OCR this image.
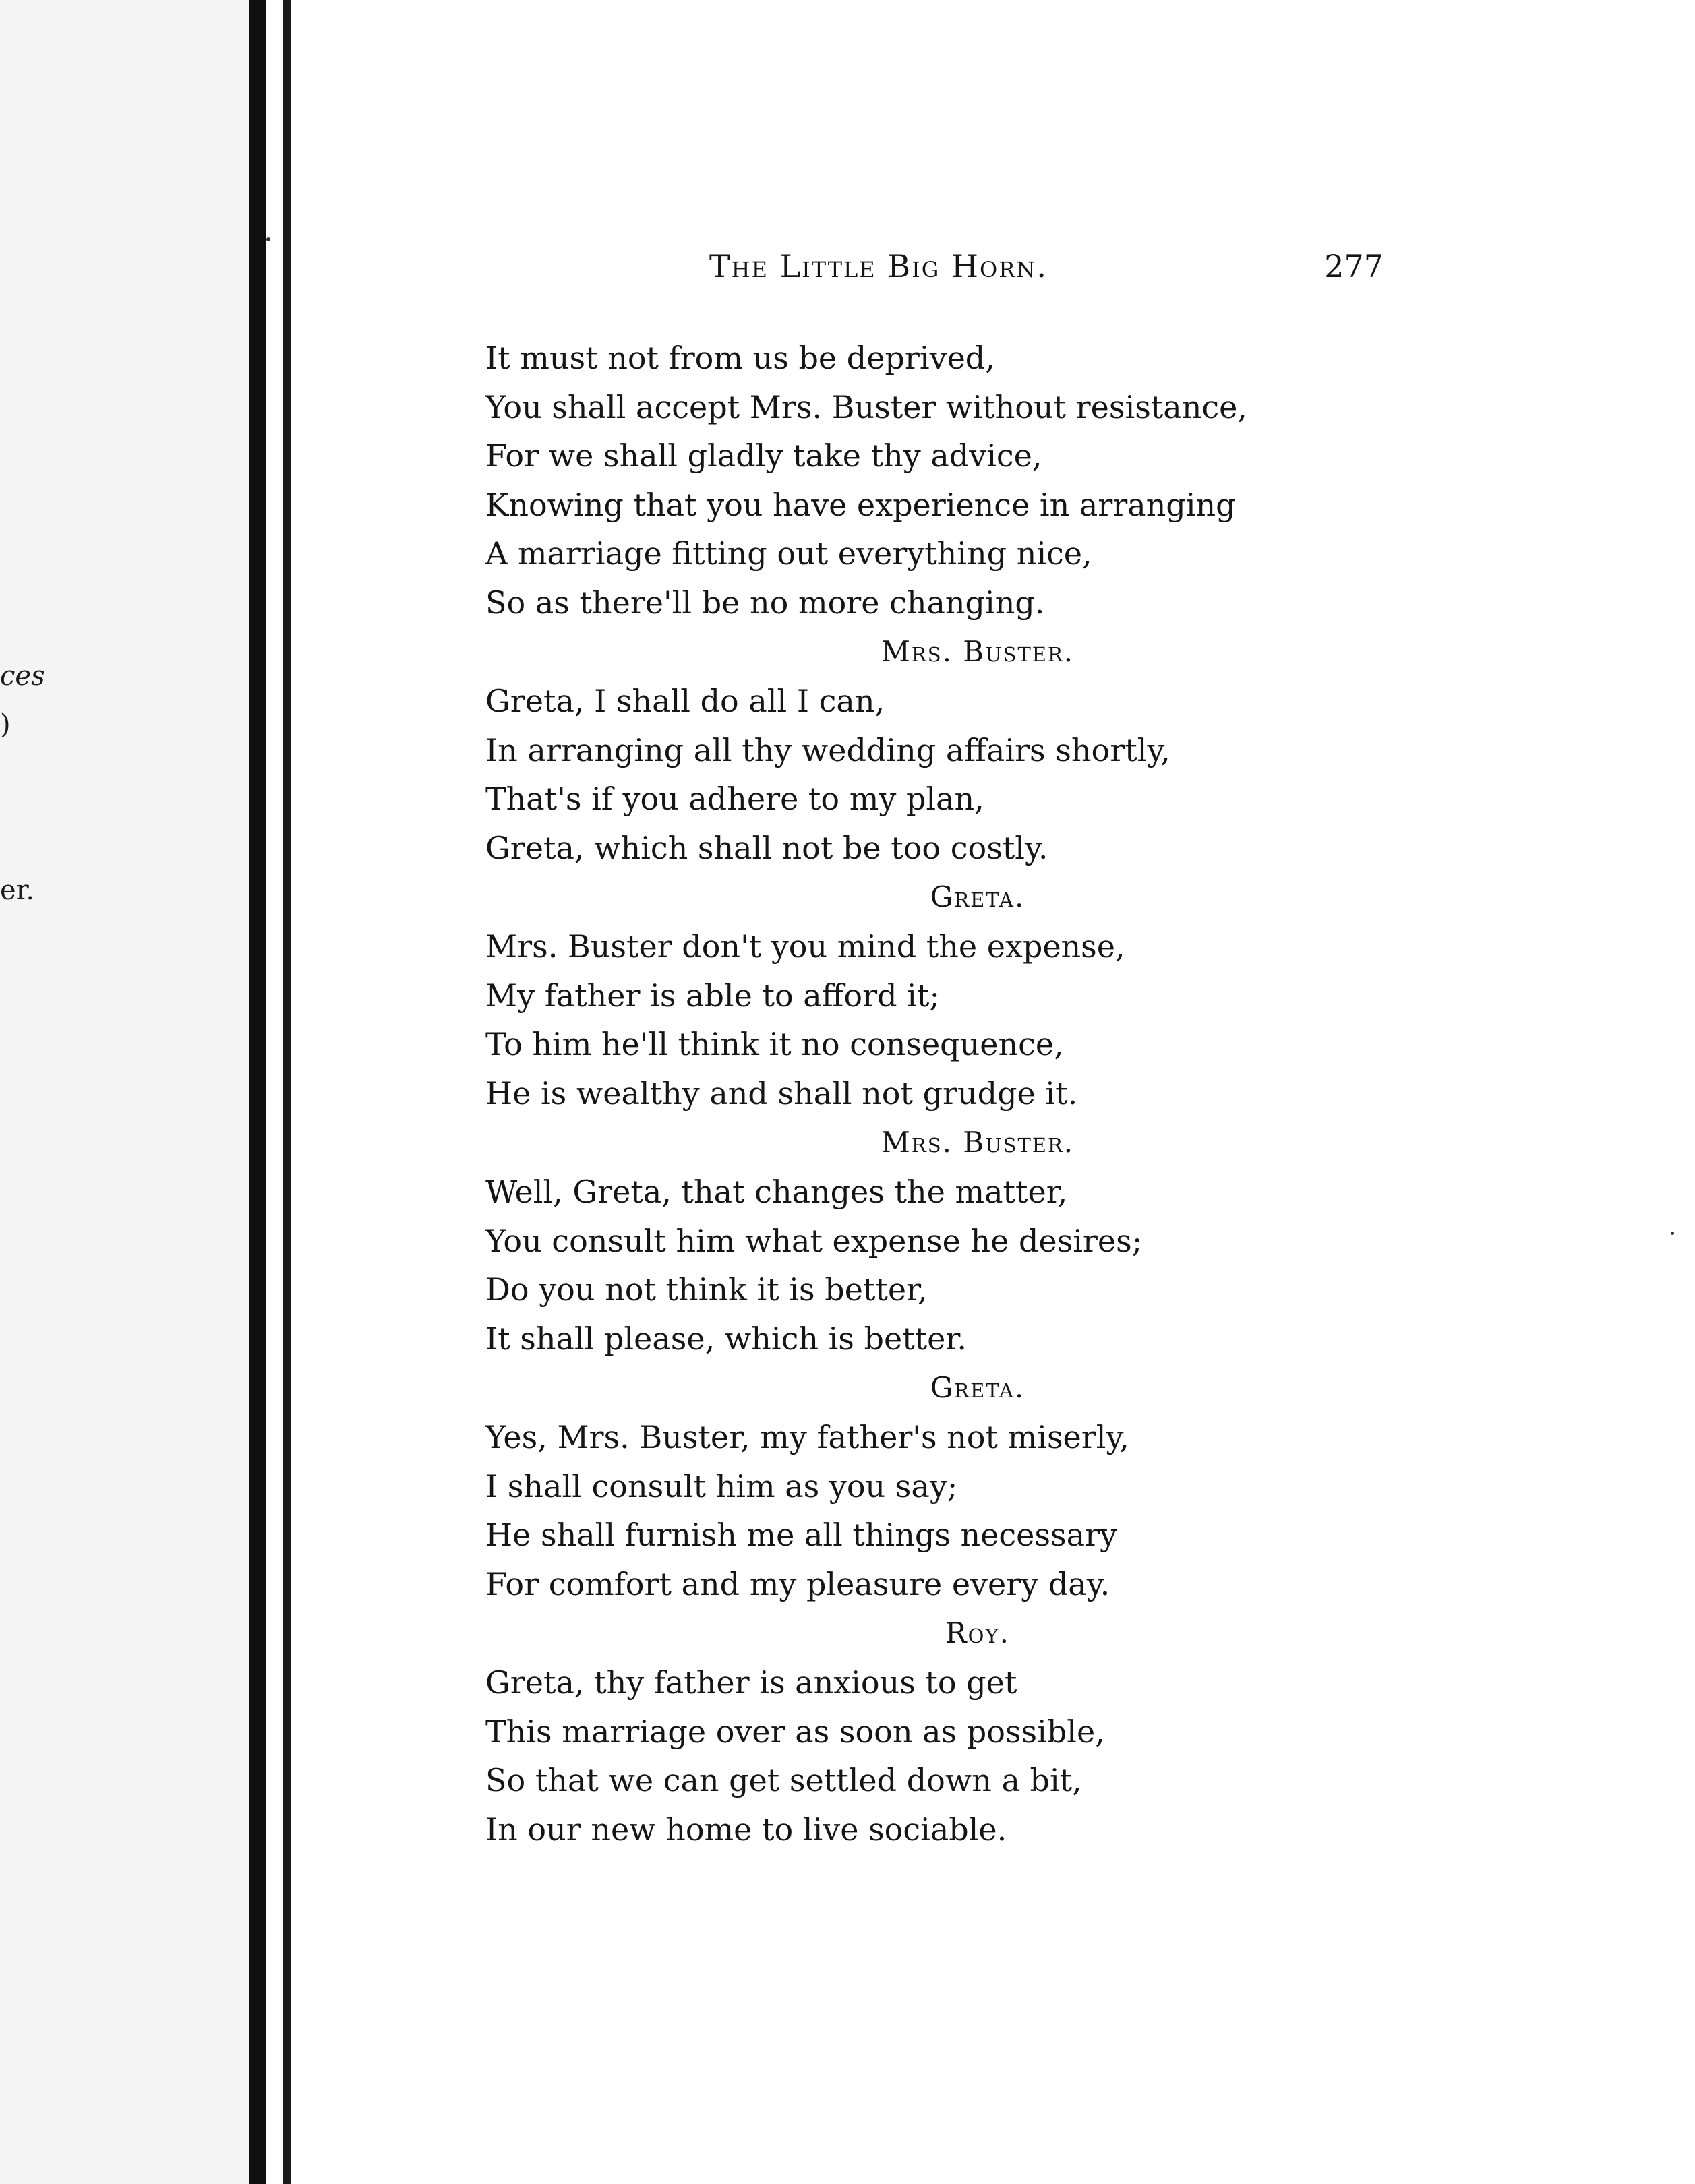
ces
)
er.
The Little Big Horn.	277
It must not from us be deprived,
You shall accept Mrs. Buster without resistance,
For we shall gladly take thy advice,
Knowing that you have experience in arranging
A marriage fitting out everything nice,
So as there'll be no more changing.
Mrs. Buster.
Greta, I shall do all I can,
In arranging all thy wedding affairs shortly,
That's if you adhere to my plan,
Greta, which shall not be too costly.
Greta.
Mrs. Buster don't you mind the expense,
My father is able to afford it;
To him he'll think it no consequence,
He is wealthy and shall not grudge it.
Mrs. Buster.
Well, Greta, that changes the matter,
You consult him what expense he desires;
Do you not think it is better,
It shall please, which is better.
Greta.
Yes, Mrs. Buster, my father's not miserly,
I shall consult him as you say;
He shall furnish me all things necessary
For comfort and my pleasure every day.
Roy.
Greta, thy father is anxious to get
This marriage over as soon as possible,
So that we can get settled down a bit,
In our new home to live sociable.
